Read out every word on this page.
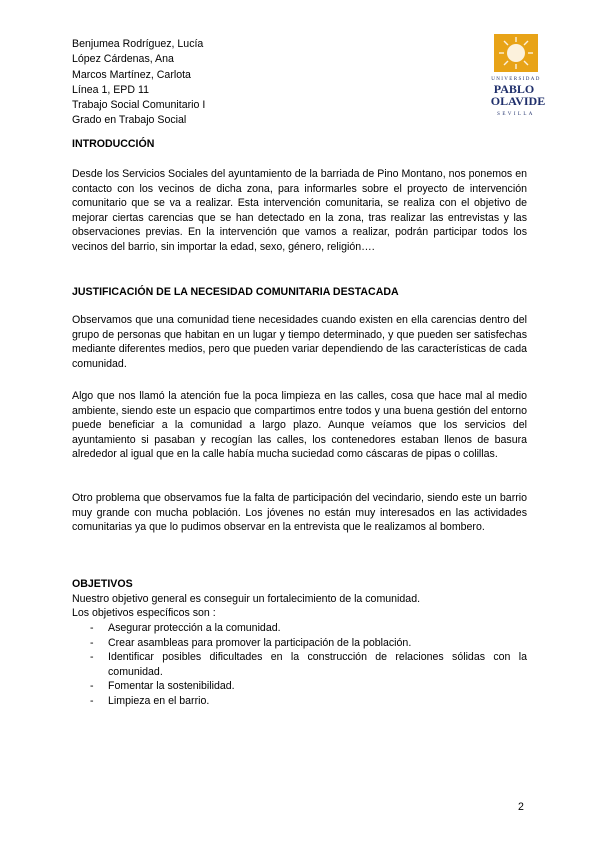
Benjumea Rodríguez, Lucía
López Cárdenas, Ana
Marcos Martínez, Carlota
Línea 1, EPD 11
Trabajo Social Comunitario I
Grado en Trabajo Social
UNIVERSIDAD
PABLO
OLAVIDE
SEVILLA
INTRODUCCIÓN

Desde los Servicios Sociales del ayuntamiento de la barriada de Pino Montano, nos ponemos en contacto con los vecinos de dicha zona, para informarles sobre el proyecto de intervención comunitario que se va a realizar. Esta intervención comunitaria, se realiza con el objetivo de mejorar ciertas carencias que se han detectado en la zona, tras realizar las entrevistas y las observaciones previas. En la intervención que vamos a realizar, podrán participar todos los vecinos del barrio, sin importar la edad, sexo, género, religión….

JUSTIFICACIÓN DE LA NECESIDAD COMUNITARIA DESTACADA

Observamos que una comunidad tiene necesidades cuando existen en ella carencias dentro del grupo de personas que habitan en un lugar y tiempo determinado, y que pueden ser satisfechas mediante diferentes medios, pero que pueden variar dependiendo de las características de cada comunidad.

Algo que nos llamó la atención fue la poca limpieza en las calles, cosa que hace mal al medio ambiente, siendo este un espacio que compartimos entre todos y una buena gestión del entorno puede beneficiar a la comunidad a largo plazo. Aunque veíamos que los servicios del ayuntamiento si pasaban y recogían las calles, los contenedores estaban llenos de basura alrededor al igual que en la calle había mucha suciedad como cáscaras de pipas o colillas.

Otro problema que observamos fue la falta de participación del vecindario, siendo este un barrio muy grande con mucha población. Los jóvenes no están muy interesados en las actividades comunitarias ya que lo pudimos observar en la entrevista que le realizamos al bombero.

OBJETIVOS
Nuestro objetivo general es conseguir un fortalecimiento de la comunidad.
Los objetivos específicos son :
- Asegurar protección a la comunidad.
- Crear asambleas para promover la participación de la población.
- Identificar posibles dificultades en la construcción de relaciones sólidas con la comunidad.
- Fomentar la sostenibilidad.
- Limpieza en el barrio.
2
